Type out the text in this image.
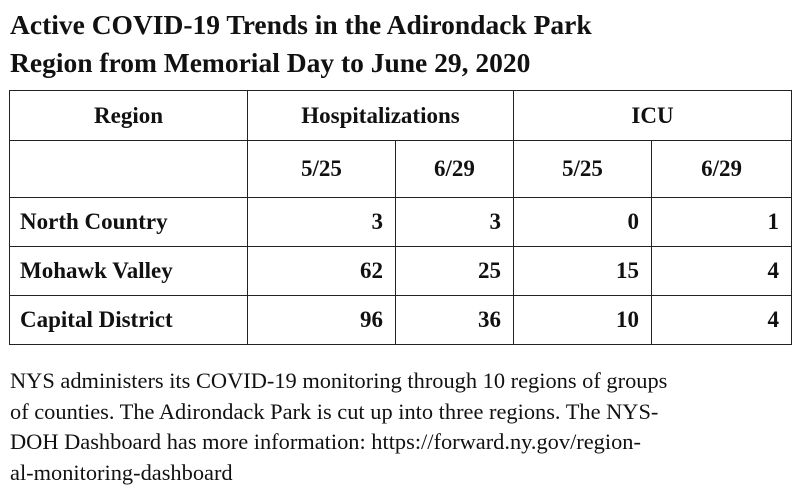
Active COVID-19 Trends in the Adirondack Park
Region from Memorial Day to June 29, 2020
Region	Hospitalizations		ICU	
	5/25	6/29	5/25	6/29
North Country	3	3	0	1
Mohawk Valley	62	25	15	4
Capital District	96	36	10	4

NYS administers its COVID-19 monitoring through 10 regions of groups
of counties. The Adirondack Park is cut up into three regions. The NYS-
DOH Dashboard has more information: https://forward.ny.gov/region-
al-monitoring-dashboard
